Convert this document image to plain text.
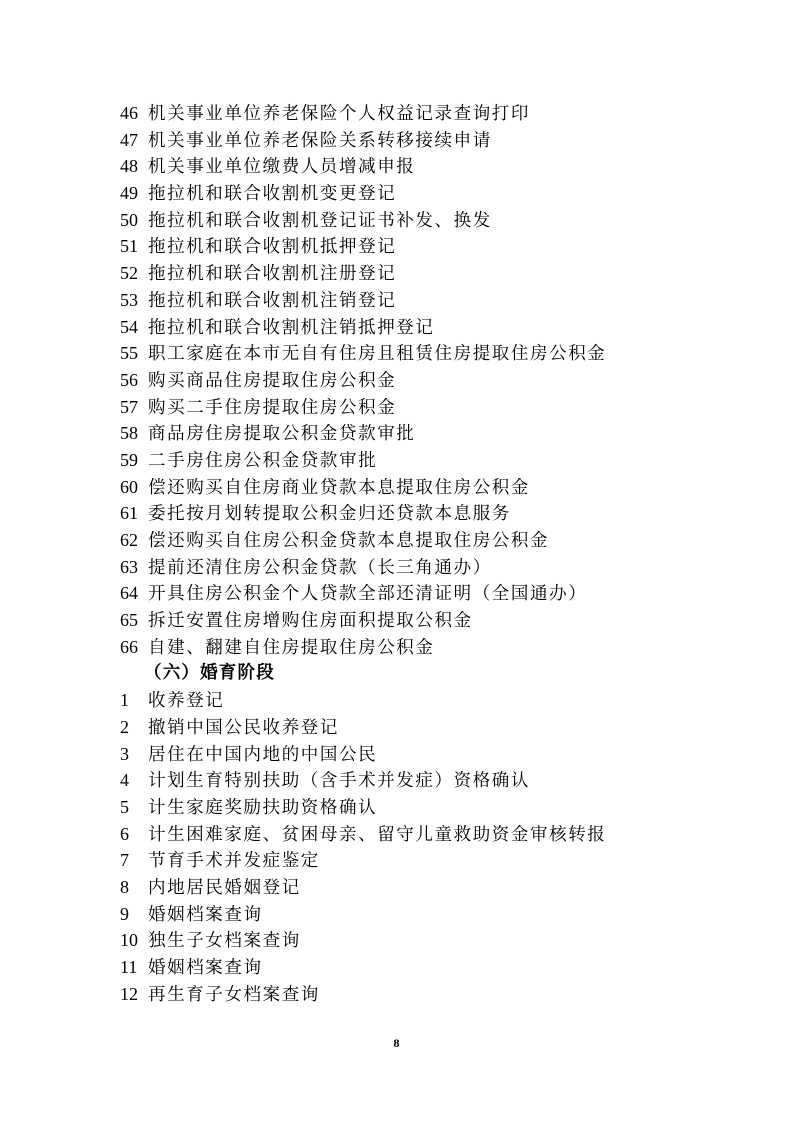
46 机关事业单位养老保险个人权益记录查询打印
47 机关事业单位养老保险关系转移接续申请
48 机关事业单位缴费人员增减申报
49 拖拉机和联合收割机变更登记
50 拖拉机和联合收割机登记证书补发、换发
51 拖拉机和联合收割机抵押登记
52 拖拉机和联合收割机注册登记
53 拖拉机和联合收割机注销登记
54 拖拉机和联合收割机注销抵押登记
55 职工家庭在本市无自有住房且租赁住房提取住房公积金
56 购买商品住房提取住房公积金
57 购买二手住房提取住房公积金
58 商品房住房提取公积金贷款审批
59 二手房住房公积金贷款审批
60 偿还购买自住房商业贷款本息提取住房公积金
61 委托按月划转提取公积金归还贷款本息服务
62 偿还购买自住房公积金贷款本息提取住房公积金
63 提前还清住房公积金贷款（长三角通办）
64 开具住房公积金个人贷款全部还清证明（全国通办）
65 拆迁安置住房增购住房面积提取公积金
66 自建、翻建自住房提取住房公积金
（六）婚育阶段
1 收养登记
2 撤销中国公民收养登记
3 居住在中国内地的中国公民
4 计划生育特别扶助（含手术并发症）资格确认
5 计生家庭奖励扶助资格确认
6 计生困难家庭、贫困母亲、留守儿童救助资金审核转报
7 节育手术并发症鉴定
8 内地居民婚姻登记
9 婚姻档案查询
10 独生子女档案查询
11 婚姻档案查询
12 再生育子女档案查询
8
